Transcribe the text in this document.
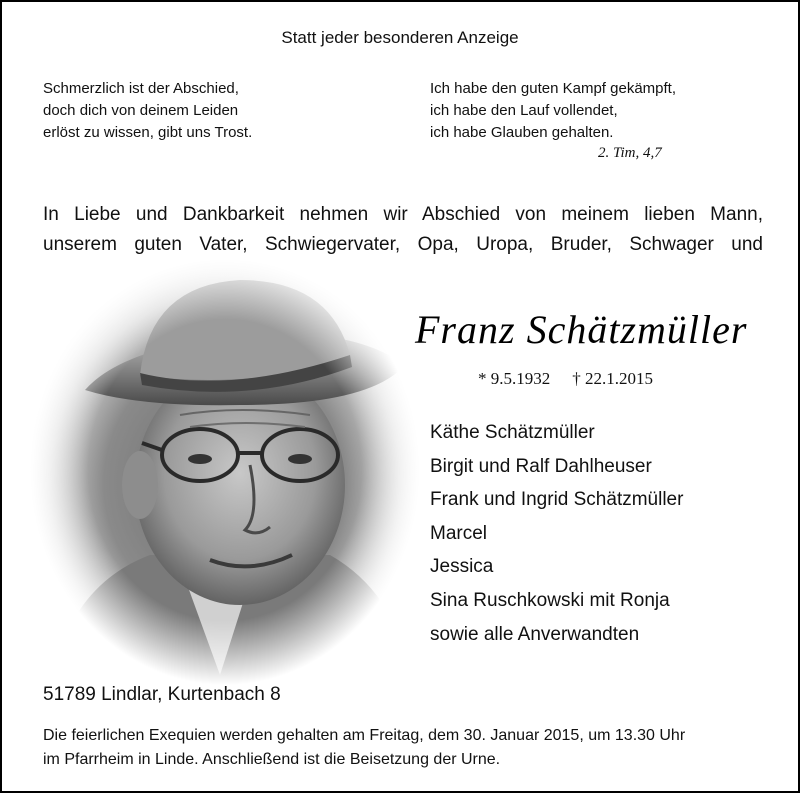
Statt jeder besonderen Anzeige
Schmerzlich ist der Abschied,
doch dich von deinem Leiden
erlöst zu wissen, gibt uns Trost.
Ich habe den guten Kampf gekämpft,
ich habe den Lauf vollendet,
ich habe Glauben gehalten.
2. Tim, 4,7
In Liebe und Dankbarkeit nehmen wir Abschied von meinem lieben Mann,
unserem guten Vater, Schwiegervater, Opa, Uropa, Bruder, Schwager und
Franz Schätzmüller
* 9.5.1932 † 22.1.2015
Käthe Schätzmüller
Birgit und Ralf Dahlheuser
Frank und Ingrid Schätzmüller
Marcel
Jessica
Sina Ruschkowski mit Ronja
sowie alle Anverwandten
51789 Lindlar, Kurtenbach 8
Die feierlichen Exequien werden gehalten am Freitag, dem 30. Januar 2015, um 13.30 Uhr
im Pfarrheim in Linde. Anschließend ist die Beisetzung der Urne.
